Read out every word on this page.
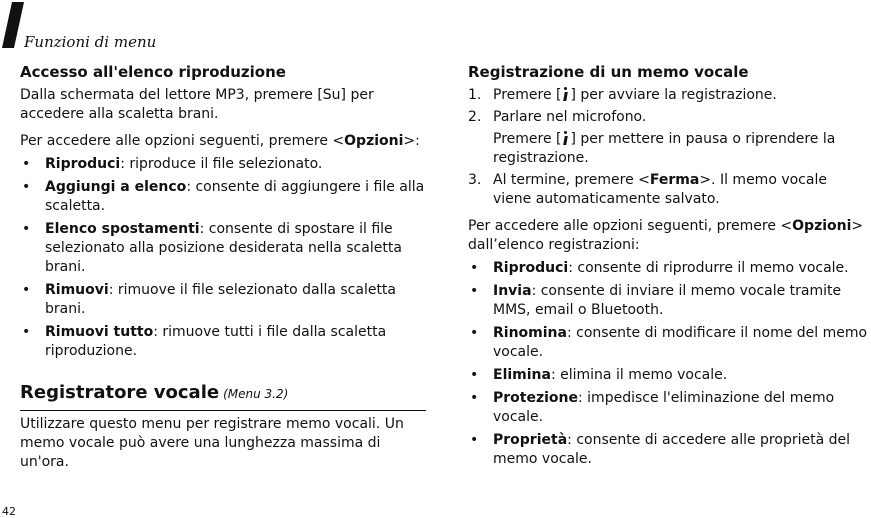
Funzioni di menu
Accesso all'elenco riproduzione

Dalla schermata del lettore MP3, premere [Su] per accedere alla scaletta brani.

Per accedere alle opzioni seguenti, premere <Opzioni>:

• Riproduci: riproduce il file selezionato.
• Aggiungi a elenco: consente di aggiungere i file alla scaletta.
• Elenco spostamenti: consente di spostare il file selezionato alla posizione desiderata nella scaletta brani.
• Rimuovi: rimuove il file selezionato dalla scaletta brani.
• Rimuovi tutto: rimuove tutti i file dalla scaletta riproduzione.
Registratore vocale (Menu 3.2)

Utilizzare questo menu per registrare memo vocali. Un memo vocale può avere una lunghezza massima di un'ora.

Registrazione di un memo vocale
1. Premere [ ] per avviare la registrazione.
2. Parlare nel microfono.
Premere [ ] per mettere in pausa o riprendere la registrazione.
3. Al termine, premere <Ferma>. Il memo vocale viene automaticamente salvato.

Per accedere alle opzioni seguenti, premere <Opzioni> dall’elenco registrazioni:

• Riproduci: consente di riprodurre il memo vocale.
• Invia: consente di inviare il memo vocale tramite MMS, email o Bluetooth.
• Rinomina: consente di modificare il nome del memo vocale.
• Elimina: elimina il memo vocale.
• Protezione: impedisce l'eliminazione del memo vocale.
• Proprietà: consente di accedere alle proprietà del memo vocale.
42
